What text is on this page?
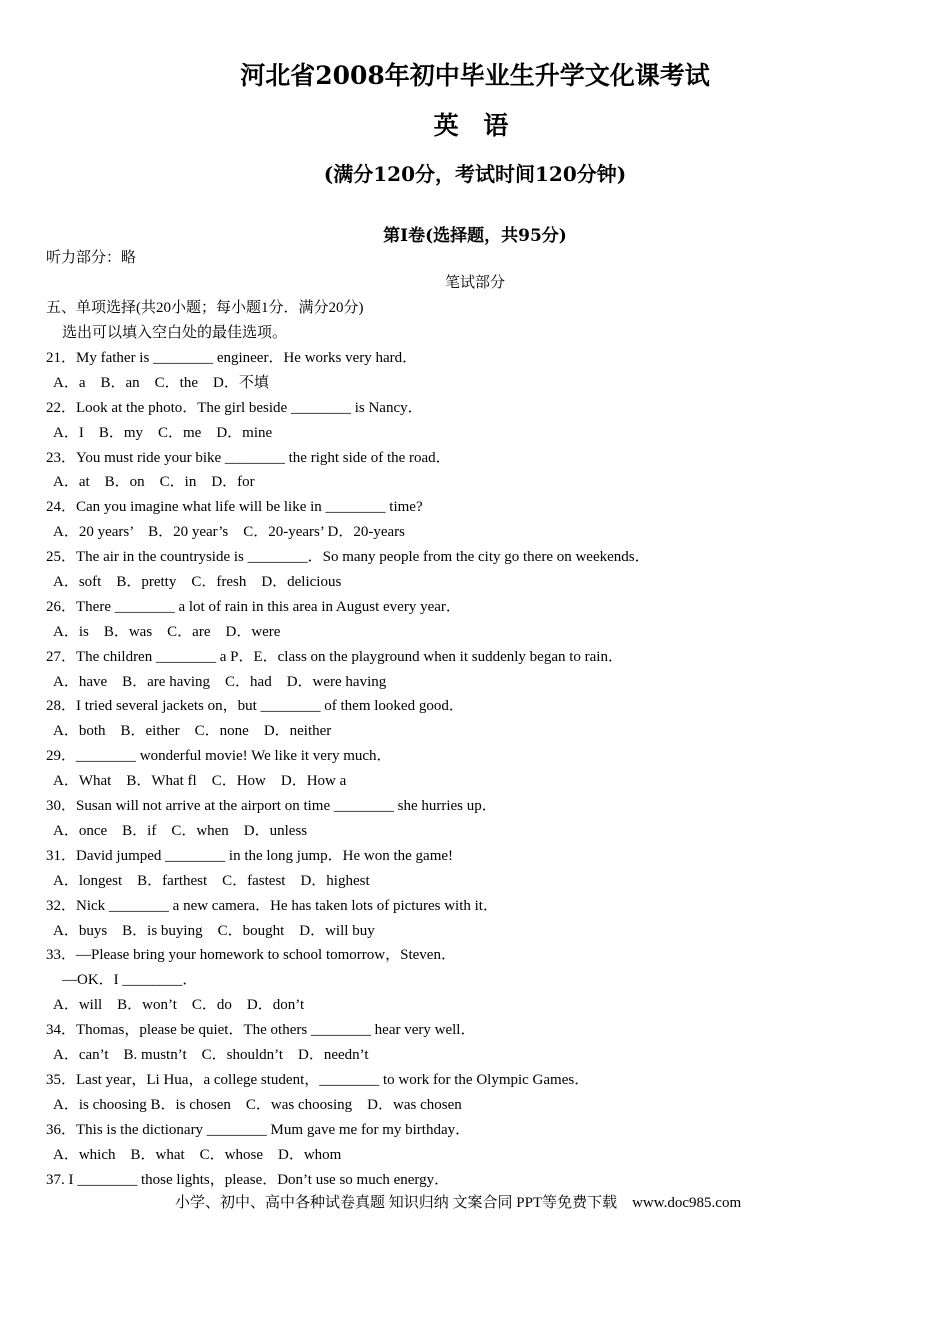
河北省2008年初中毕业生升学文化课考试
英 语
(满分120分，考试时间120分钟)
第I卷(选择题，共95分)
听力部分：略
笔试部分
五、单项选择(共20小题；每小题1分．满分20分)
选出可以填入空白处的最佳选项。
21．My father is ________ engineer．He works very hard．
A．a　B．an　C．the　D．不填
22．Look at the photo．The girl beside ________ is Nancy．
A．I　B．my　C．me　D．mine
23．You must ride your bike ________ the right side of the road．
A．at　B．on　C．in　D．for
24．Can you imagine what life will be like in ________ time?
A．20 years’　B．20 year’s　C．20-years’ D．20-years
25．The air in the countryside is ________．So many people from the city go there on weekends．
A．soft　B．pretty　C．fresh　D．delicious
26．There ________ a lot of rain in this area in August every year．
A．is　B．was　C．are　D．were
27．The children ________ a P．E．class on the playground when it suddenly began to rain．
A．have　B．are having　C．had　D．were having
28．I tried several jackets on，but ________ of them looked good．
A．both　B．either　C．none　D．neither
29．________ wonderful movie! We like it very much．
A．What　B．What fl　C．How　D．How a
30．Susan will not arrive at the airport on time ________ she hurries up．
A．once　B．if　C．when　D．unless
31．David jumped ________ in the long jump．He won the game!
A．longest　B．farthest　C．fastest　D．highest
32．Nick ________ a new camera．He has taken lots of pictures with it．
A．buys　B．is buying　C．bought　D．will buy
33．—Please bring your homework to school tomorrow，Steven．
—OK．I ________．
A．will　B．won’t　C．do　D．don’t
34．Thomas，please be quiet．The others ________ hear very well．
A．can’t　B. mustn’t　C．shouldn’t　D．needn’t
35．Last year，Li Hua，a college student，________ to work for the Olympic Games．
A．is choosing B．is chosen　C．was choosing　D．was chosen
36．This is the dictionary ________ Mum gave me for my birthday．
A．which　B．what　C．whose　D．whom
37. I ________ those lights，please．Don’t use so much energy．
小学、初中、高中各种试卷真题 知识归纳 文案合同 PPT等免费下载　www.doc985.com
